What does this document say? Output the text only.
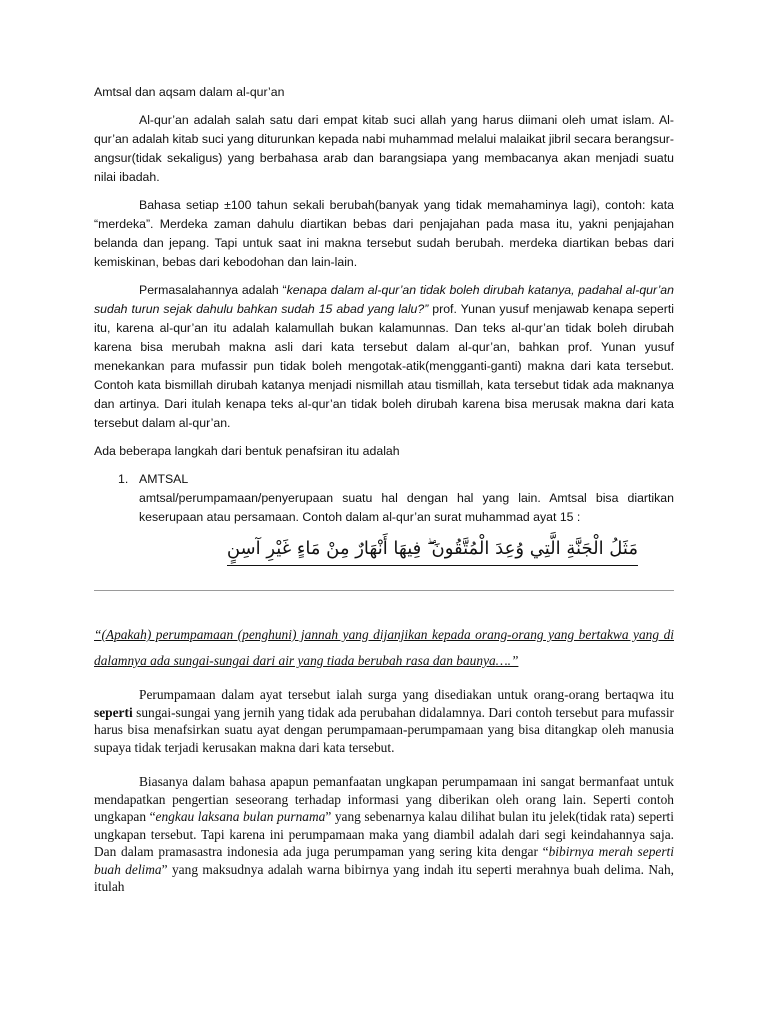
Amtsal dan aqsam dalam al-qur’an

Al-qur’an adalah salah satu dari empat kitab suci allah yang harus diimani oleh umat islam. Al-qur’an adalah kitab suci yang diturunkan kepada nabi muhammad melalui malaikat jibril secara berangsur-angsur(tidak sekaligus) yang berbahasa arab dan barangsiapa yang membacanya akan menjadi suatu nilai ibadah.

Bahasa setiap ±100 tahun sekali berubah(banyak yang tidak memahaminya lagi), contoh: kata “merdeka”. Merdeka zaman dahulu diartikan bebas dari penjajahan pada masa itu, yakni penjajahan belanda dan jepang. Tapi untuk saat ini makna tersebut sudah berubah. merdeka diartikan bebas dari kemiskinan, bebas dari kebodohan dan lain-lain.

Permasalahannya adalah “kenapa dalam al-qur’an tidak boleh dirubah katanya, padahal al-qur’an sudah turun sejak dahulu bahkan sudah 15 abad yang lalu?” prof. Yunan yusuf menjawab kenapa seperti itu, karena al-qur’an itu adalah kalamullah bukan kalamunnas. Dan teks al-qur’an tidak boleh dirubah karena bisa merubah makna asli dari kata tersebut dalam al-qur’an, bahkan prof. Yunan yusuf menekankan para mufassir pun tidak boleh mengotak-atik(mengganti-ganti) makna dari kata tersebut. Contoh kata bismillah dirubah katanya menjadi nismillah atau tismillah, kata tersebut tidak ada maknanya dan artinya. Dari itulah kenapa teks al-qur’an tidak boleh dirubah karena bisa merusak makna dari kata tersebut dalam al-qur’an.

Ada beberapa langkah dari bentuk penafsiran itu adalah

1. AMTSAL
amtsal/perumpamaan/penyerupaan suatu hal dengan hal yang lain. Amtsal bisa diartikan keserupaan atau persamaan. Contoh dalam al-qur’an surat muhammad ayat 15 :
مَثَلُ الْجَنَّةِ الَّتِي وُعِدَ الْمُتَّقُونَ ۖ فِيهَا أَنْهَارٌ مِنْ مَاءٍ غَيْرِ آسِنٍ

“(Apakah) perumpamaan (penghuni) jannah yang dijanjikan kepada orang-orang yang bertakwa yang di dalamnya ada sungai-sungai dari air yang tiada berubah rasa dan baunya….”

Perumpamaan dalam ayat tersebut ialah surga yang disediakan untuk orang-orang bertaqwa itu seperti sungai-sungai yang jernih yang tidak ada perubahan didalamnya. Dari contoh tersebut para mufassir harus bisa menafsirkan suatu ayat dengan perumpamaan-perumpamaan yang bisa ditangkap oleh manusia supaya tidak terjadi kerusakan makna dari kata tersebut.

Biasanya dalam bahasa apapun pemanfaatan ungkapan perumpamaan ini sangat bermanfaat untuk mendapatkan pengertian seseorang terhadap informasi yang diberikan oleh orang lain. Seperti contoh ungkapan “engkau laksana bulan purnama” yang sebenarnya kalau dilihat bulan itu jelek(tidak rata) seperti ungkapan tersebut. Tapi karena ini perumpamaan maka yang diambil adalah dari segi keindahannya saja. Dan dalam pramasastra indonesia ada juga perumpaman yang sering kita dengar “bibirnya merah seperti buah delima” yang maksudnya adalah warna bibirnya yang indah itu seperti merahnya buah delima. Nah, itulah
